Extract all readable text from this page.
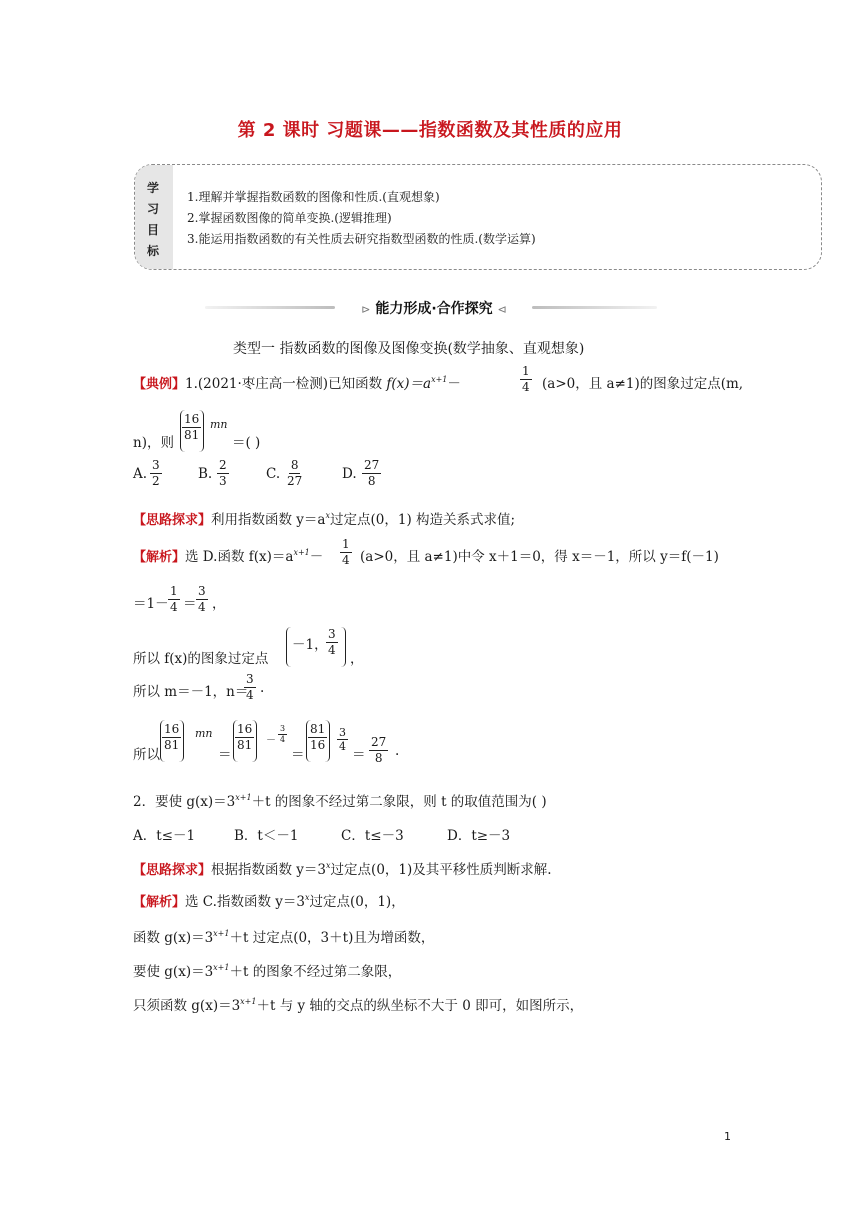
第 2 课时 习题课——指数函数及其性质的应用
学
习
目
标
1.理解并掌握指数函数的图像和性质.(直观想象)
2.掌握函数图像的简单变换.(逻辑推理)
3.能运用指数函数的有关性质去研究指数型函数的性质.(数学运算)
⊳ 能力形成·合作探究 ⊲
类型一 指数函数的图像及图像变换(数学抽象、直观想象)
【典例】1.(2021·枣庄高一检测)已知函数 $f(x)=a^{x+1}-$	$\frac{1}{4} (a>0$，且 a≠1)的图象过定点(m,
n)，则 $\frac{16}{81}$ mn
＝( )
A. $\frac{3}{2}$	B. $\frac{2}{3}$	C. $\frac{8}{27}$	D. $\frac{27}{8}$
【思路探求】利用指数函数 $y=a^x$过定点(0，1) 构造关系式求值;
【解析】选 D.函数 $f(x)=a^{x+1}- \frac{1}{4} (a>0$，且 a≠1)中令 x＋1＝0，得 x＝－1，所以 y＝f(－1)
$=1- \frac{1}{4} = \frac{3}{4}$ ，
所以 f(x)的图象过定点
－1，
$\frac{3}{4}$
，
所以 m＝－1，n＝
$\frac{3}{4}$ .
所以
$\frac{16}{81}$ mn
＝
$\frac{16}{81} - \frac{3}{4}$
＝
$\frac{81}{16} \frac{3}{4}$
＝ $\frac{27}{8}$ .
2．要使 $g(x)=3^{x+1}+t$ 的图象不经过第二象限，则 t 的取值范围为( )
A．t≤－1	B．t＜－1	C．t≤－3	D．t≥－3
【思路探求】根据指数函数 $y=3^x$过定点(0，1)及其平移性质判断求解.
【解析】选 C.指数函数 $y=3^x$过定点(0，1)，
函数 $g(x)=3^{x+1}+t$ 过定点(0，3＋t)且为增函数，
要使 $g(x)=3^{x+1}+t$ 的图象不经过第二象限，
只须函数 $g(x)=3^{x+1}+t$ 与 y 轴的交点的纵坐标不大于 0 即可，如图所示，
1
